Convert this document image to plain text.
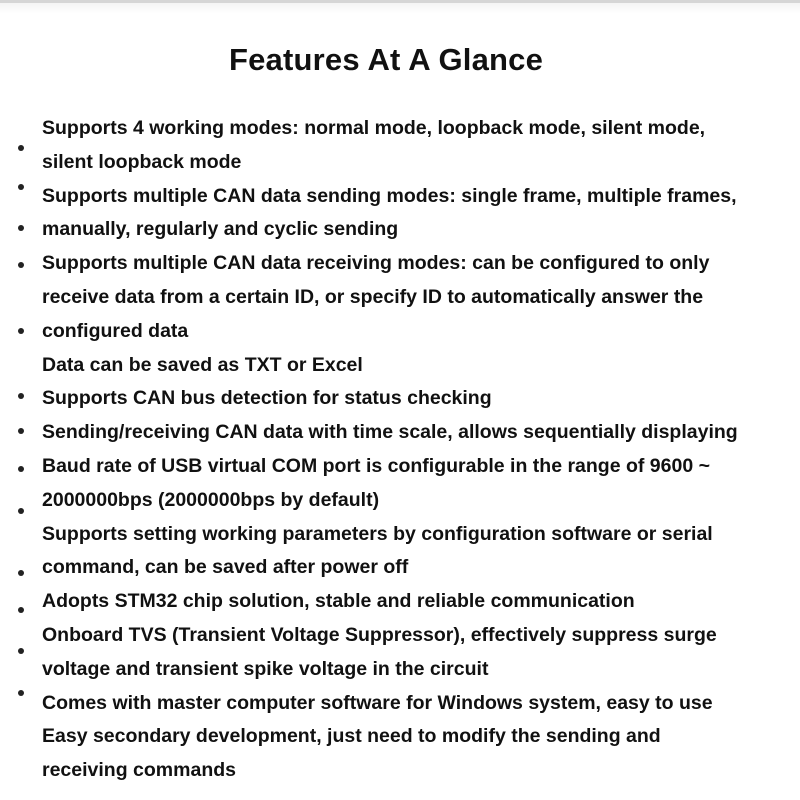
Features At A Glance
Supports 4 working modes: normal mode, loopback mode, silent mode,
silent loopback mode
Supports multiple CAN data sending modes: single frame, multiple frames,
manually, regularly and cyclic sending
Supports multiple CAN data receiving modes: can be configured to only
receive data from a certain ID, or specify ID to automatically answer the
configured data
Data can be saved as TXT or Excel
Supports CAN bus detection for status checking
Sending/receiving CAN data with time scale, allows sequentially displaying
Baud rate of USB virtual COM port is configurable in the range of 9600 ~
2000000bps (2000000bps by default)
Supports setting working parameters by configuration software or serial
command, can be saved after power off
Adopts STM32 chip solution, stable and reliable communication
Onboard TVS (Transient Voltage Suppressor), effectively suppress surge
voltage and transient spike voltage in the circuit
Comes with master computer software for Windows system, easy to use
Easy secondary development, just need to modify the sending and
receiving commands
